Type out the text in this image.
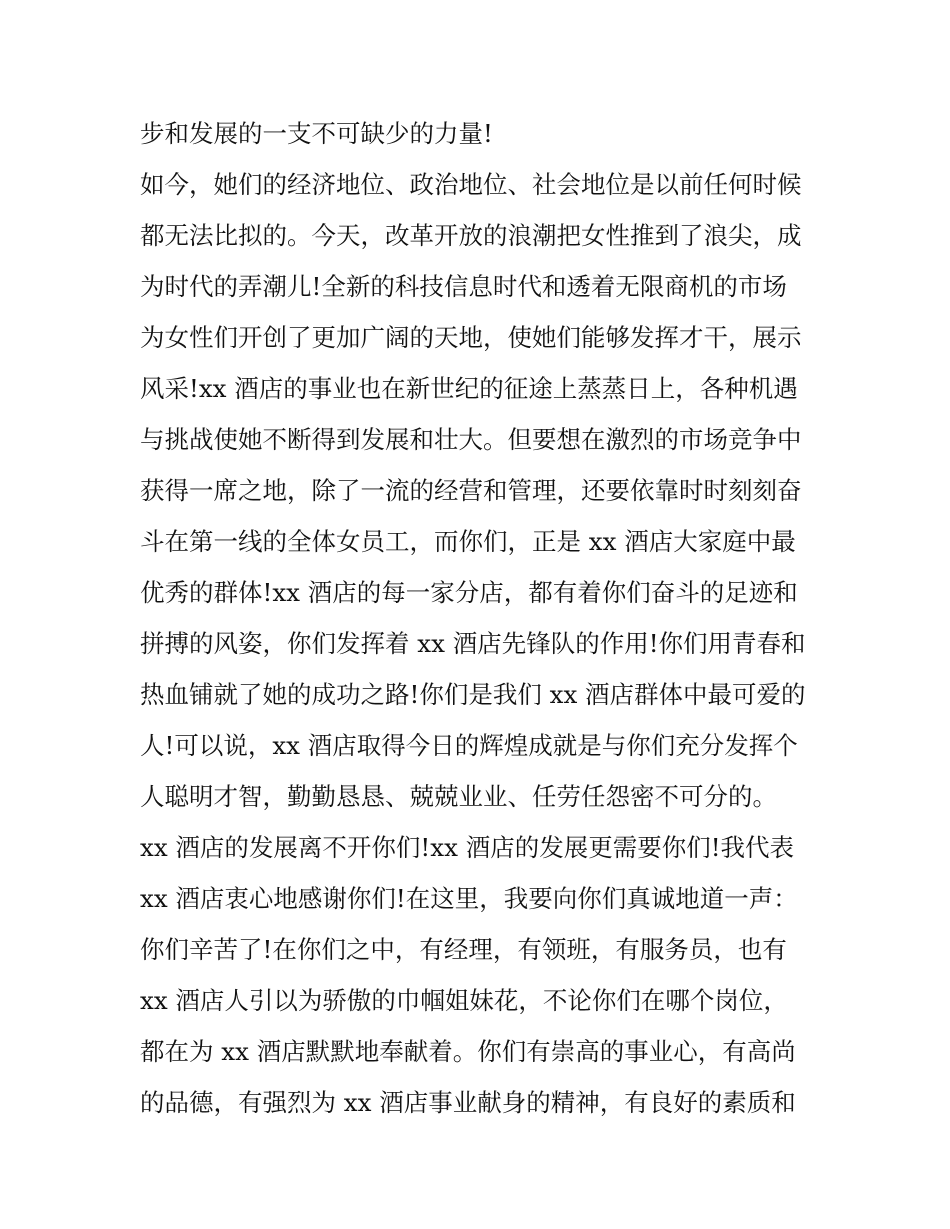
步和发展的一支不可缺少的力量!
如今，她们的经济地位、政治地位、社会地位是以前任何时候
都无法比拟的。今天，改革开放的浪潮把女性推到了浪尖，成
为时代的弄潮儿!全新的科技信息时代和透着无限商机的市场
为女性们开创了更加广阔的天地，使她们能够发挥才干，展示
风采!xx 酒店的事业也在新世纪的征途上蒸蒸日上，各种机遇
与挑战使她不断得到发展和壮大。但要想在激烈的市场竞争中
获得一席之地，除了一流的经营和管理，还要依靠时时刻刻奋
斗在第一线的全体女员工，而你们，正是 xx 酒店大家庭中最
优秀的群体!xx 酒店的每一家分店，都有着你们奋斗的足迹和
拼搏的风姿，你们发挥着 xx 酒店先锋队的作用!你们用青春和
热血铺就了她的成功之路!你们是我们 xx 酒店群体中最可爱的
人!可以说，xx 酒店取得今日的辉煌成就是与你们充分发挥个
人聪明才智，勤勤恳恳、兢兢业业、任劳任怨密不可分的。
xx 酒店的发展离不开你们!xx 酒店的发展更需要你们!我代表
xx 酒店衷心地感谢你们!在这里，我要向你们真诚地道一声：
你们辛苦了!在你们之中，有经理，有领班，有服务员，也有
xx 酒店人引以为骄傲的巾帼姐妹花，不论你们在哪个岗位，
都在为 xx 酒店默默地奉献着。你们有崇高的事业心，有高尚
的品德，有强烈为 xx 酒店事业献身的精神，有良好的素质和
